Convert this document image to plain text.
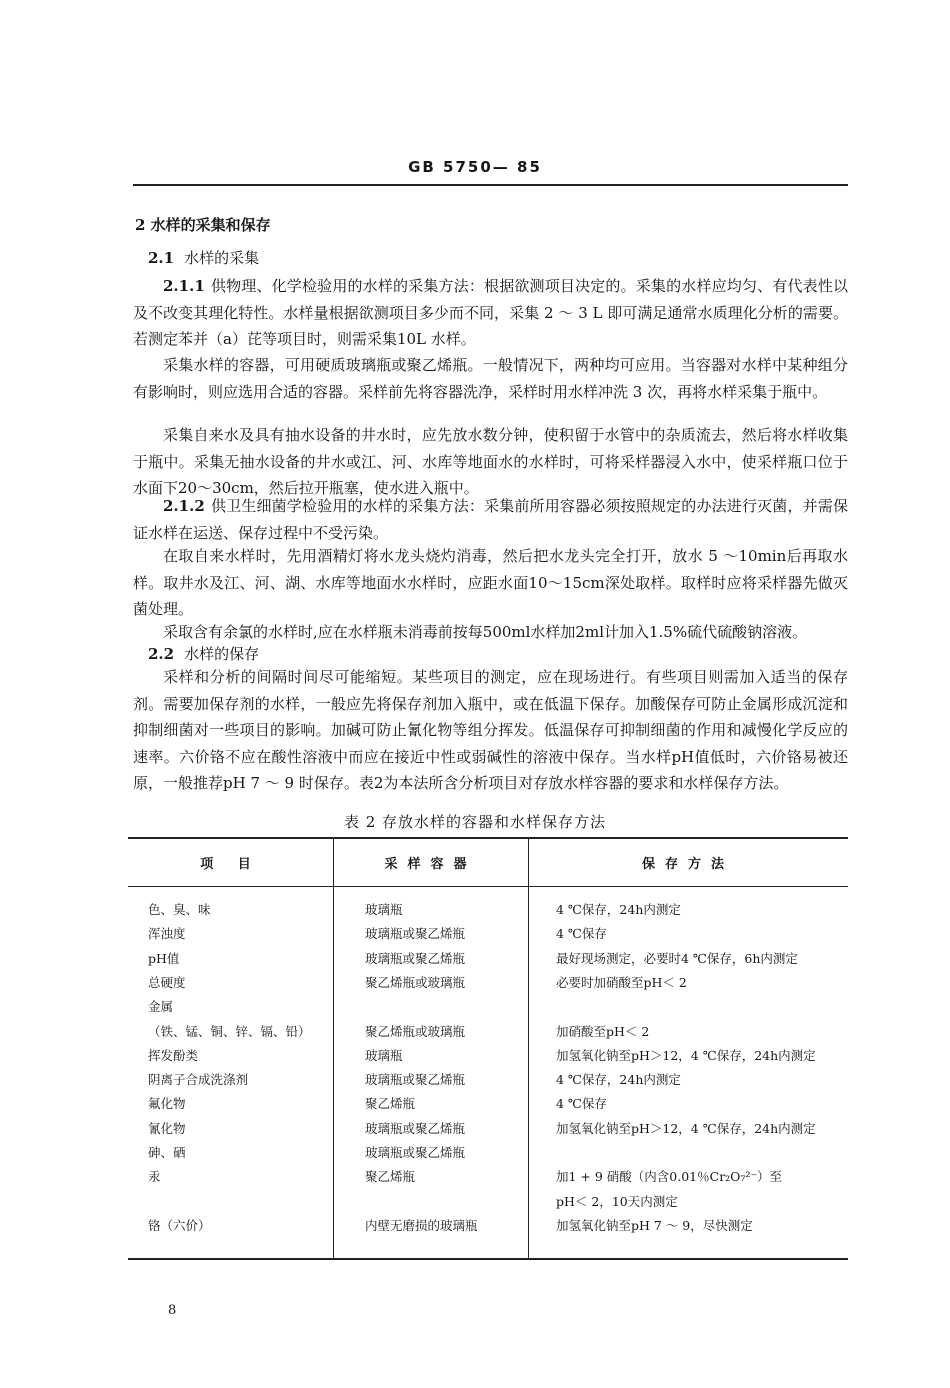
GB 5750— 85
2 水样的采集和保存
2.1 水样的采集
2.1.1 供物理、化学检验用的水样的采集方法：根据欲测项目决定的。采集的水样应均匀、有代表性以及不改变其理化特性。水样量根据欲测项目多少而不同，采集 2 ～ 3 L 即可满足通常水质理化分析的需要。若测定苯并（a）芘等项目时，则需采集10L 水样。
采集水样的容器，可用硬质玻璃瓶或聚乙烯瓶。一般情况下，两种均可应用。当容器对水样中某种组分有影响时，则应选用合适的容器。采样前先将容器洗净，采样时用水样冲洗 3 次，再将水样采集于瓶中。
采集自来水及具有抽水设备的井水时，应先放水数分钟，使积留于水管中的杂质流去，然后将水样收集于瓶中。采集无抽水设备的井水或江、河、水库等地面水的水样时，可将采样器浸入水中，使采样瓶口位于水面下20～30cm，然后拉开瓶塞，使水进入瓶中。
2.1.2 供卫生细菌学检验用的水样的采集方法：采集前所用容器必须按照规定的办法进行灭菌，并需保证水样在运送、保存过程中不受污染。
在取自来水样时，先用酒精灯将水龙头烧灼消毒，然后把水龙头完全打开，放水 5 ～10min后再取水样。取井水及江、河、湖、水库等地面水水样时，应距水面10～15cm深处取样。取样时应将采样器先做灭菌处理。
采取含有余氯的水样时,应在水样瓶未消毒前按每500ml水样加2ml计加入1.5%硫代硫酸钠溶液。
2.2 水样的保存
采样和分析的间隔时间尽可能缩短。某些项目的测定，应在现场进行。有些项目则需加入适当的保存剂。需要加保存剂的水样，一般应先将保存剂加入瓶中，或在低温下保存。加酸保存可防止金属形成沉淀和抑制细菌对一些项目的影响。加碱可防止氰化物等组分挥发。低温保存可抑制细菌的作用和减慢化学反应的速率。六价铬不应在酸性溶液中而应在接近中性或弱碱性的溶液中保存。当水样pH值低时，六价铬易被还原，一般推荐pH 7 ～ 9 时保存。表2为本法所含分析项目对存放水样容器的要求和水样保存方法。
表 2 存放水样的容器和水样保存方法
项 目	采样容器	保存方法
色、臭、味	玻璃瓶	4 ℃保存，24h内测定
浑浊度	玻璃瓶或聚乙烯瓶	4 ℃保存
pH值	玻璃瓶或聚乙烯瓶	最好现场测定，必要时4 ℃保存，6h内测定
总硬度	聚乙烯瓶或玻璃瓶	必要时加硝酸至pH＜ 2
金属
（铁、锰、铜、锌、镉、铅）	聚乙烯瓶或玻璃瓶	加硝酸至pH＜ 2
挥发酚类	玻璃瓶	加氢氧化钠至pH＞12，4 ℃保存，24h内测定
阴离子合成洗涤剂	玻璃瓶或聚乙烯瓶	4 ℃保存，24h内测定
氟化物	聚乙烯瓶	4 ℃保存
氰化物	玻璃瓶或聚乙烯瓶	加氢氧化钠至pH＞12，4 ℃保存，24h内测定
砷、硒	玻璃瓶或聚乙烯瓶
汞	聚乙烯瓶	加1 + 9 硝酸（内含0.01％Cr₂O₇²⁻）至
pH＜ 2，10天内测定
铬（六价）	内壁无磨损的玻璃瓶	加氢氧化钠至pH 7 ～ 9，尽快测定
8
